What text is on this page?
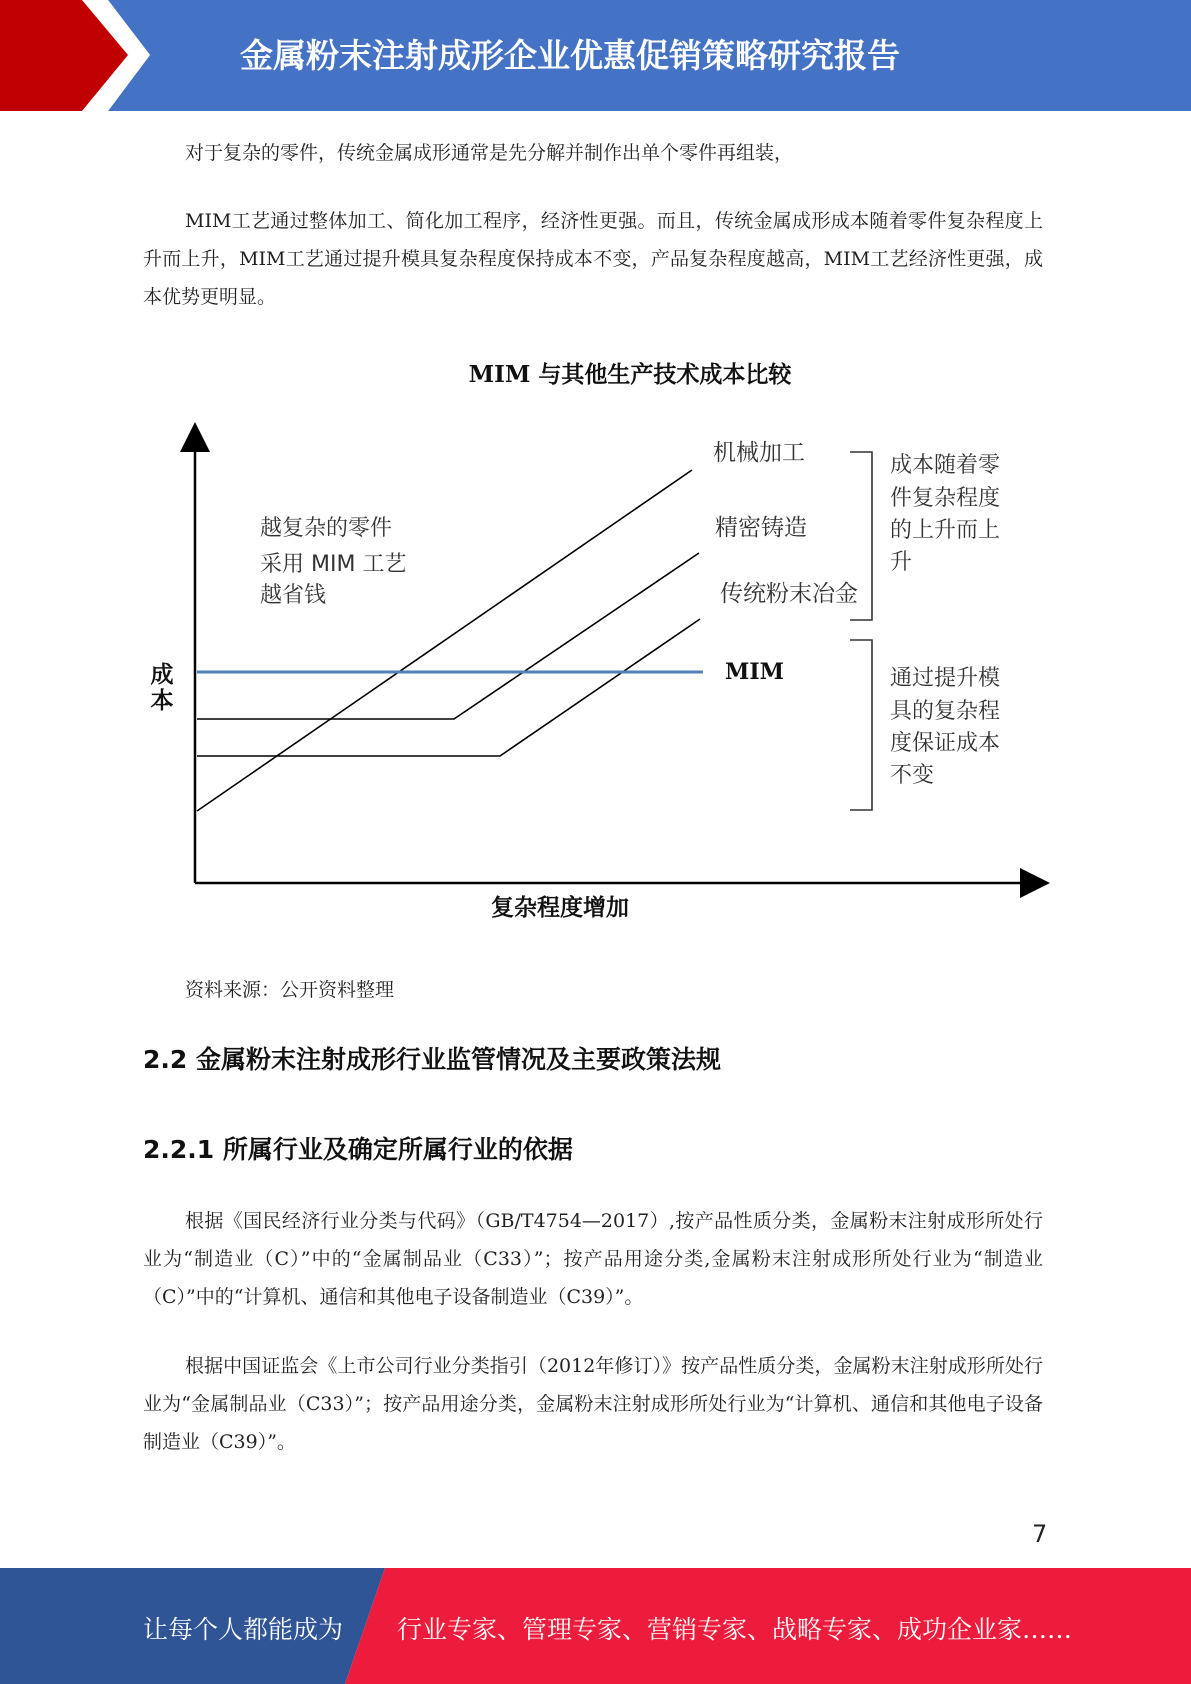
金属粉末注射成形企业优惠促销策略研究报告

对于复杂的零件，传统金属成形通常是先分解并制作出单个零件再组装，

MIM工艺通过整体加工、简化加工程序，经济性更强。而且，传统金属成形成本随着零件复杂程度上升而上升，MIM工艺通过提升模具复杂程度保持成本不变，产品复杂程度越高，MIM工艺经济性更强，成本优势更明显。

MIM 与其他生产技术成本比较
成
本
复杂程度增加
机械加工
精密铸造
传统粉末冶金
MIM
越复杂的零件
采用 MIM 工艺
越省钱
成本随着零
件复杂程度
的上升而上
升
通过提升模
具的复杂程
度保证成本
不变

资料来源：公开资料整理

2.2 金属粉末注射成形行业监管情况及主要政策法规
2.2.1 所属行业及确定所属行业的依据

根据《国民经济行业分类与代码》（GB/T4754—2017）,按产品性质分类，金属粉末注射成形所处行业为“制造业（C）”中的“金属制品业（C33）”；按产品用途分类,金属粉末注射成形所处行业为“制造业（C）”中的“计算机、通信和其他电子设备制造业（C39）”。

根据中国证监会《上市公司行业分类指引（2012年修订）》按产品性质分类，金属粉末注射成形所处行业为“金属制品业（C33）”；按产品用途分类，金属粉末注射成形所处行业为“计算机、通信和其他电子设备制造业（C39）”。

7
让每个人都能成为 行业专家、管理专家、营销专家、战略专家、成功企业家……
